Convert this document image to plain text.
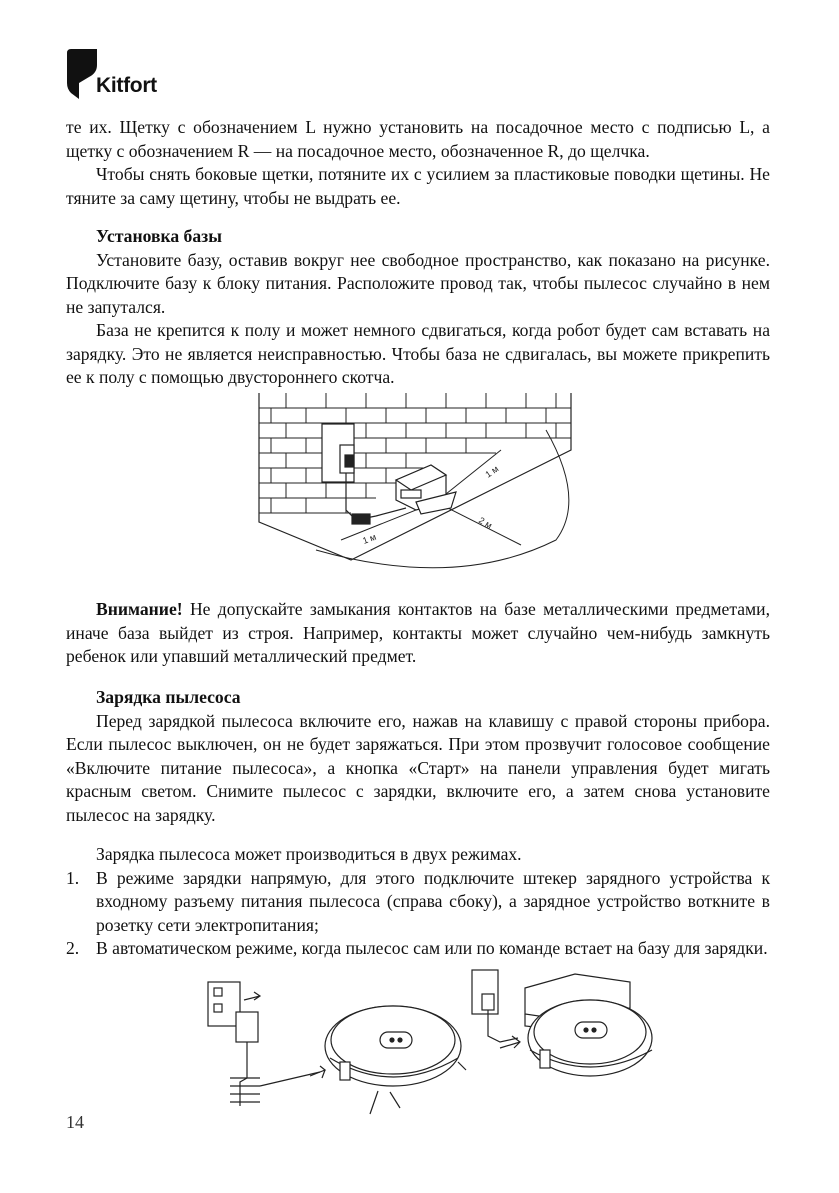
Kitfort

те их. Щетку с обозначением L нужно установить на посадочное место с подписью L, а щетку с обозначением R — на посадочное место, обозначенное R, до щелчка.

Чтобы снять боковые щетки, потяните их с усилием за пластиковые поводки щетины. Не тяните за саму щетину, чтобы не выдрать ее.

Установка базы

Установите базу, оставив вокруг нее свободное пространство, как показано на рисунке. Подключите базу к блоку питания. Расположите провод так, чтобы пылесос случайно в нем не запутался.

База не крепится к полу и может немного сдвигаться, когда робот будет сам вставать на зарядку. Это не является неисправностью. Чтобы база не сдвигалась, вы можете прикрепить ее к полу с помощью двустороннего скотча.

1 м
2 м
1 м

Внимание! Не допускайте замыкания контактов на базе металлическими предметами, иначе база выйдет из строя. Например, контакты может случайно чем-нибудь замкнуть ребенок или упавший металлический предмет.

Зарядка пылесоса

Перед зарядкой пылесоса включите его, нажав на клавишу с правой стороны прибора. Если пылесос выключен, он не будет заряжаться. При этом прозвучит голосовое сообщение «Включите питание пылесоса», а кнопка «Старт» на панели управления будет мигать красным светом. Снимите пылесос с зарядки, включите его, а затем снова установите пылесос на зарядку.

Зарядка пылесоса может производиться в двух режимах.

1. В режиме зарядки напрямую, для этого подключите штекер зарядного устройства к входному разъему питания пылесоса (справа сбоку), а зарядное устройство воткните в розетку сети электропитания;
2. В автоматическом режиме, когда пылесос сам или по команде встает на базу для зарядки.
14
